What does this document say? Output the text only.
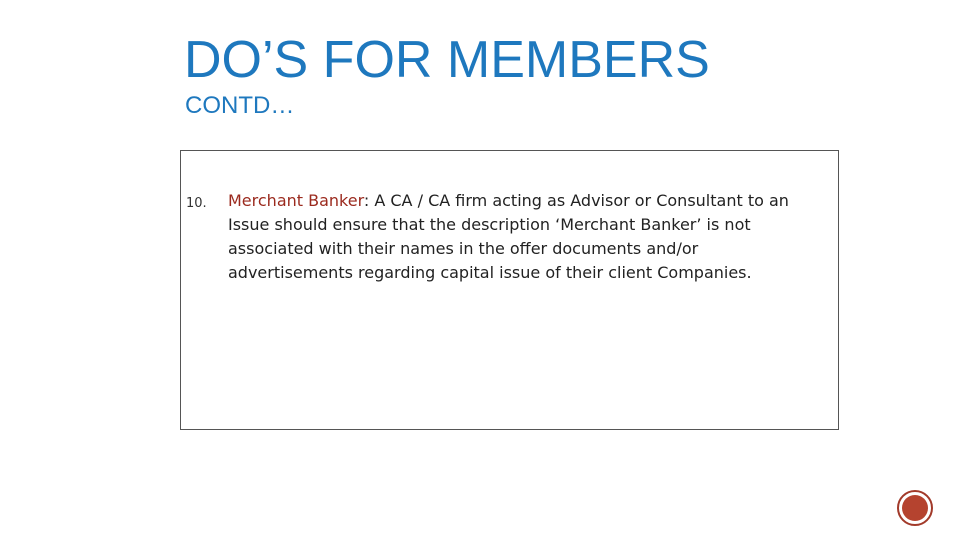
DO’S FOR MEMBERS
CONTD…
10. Merchant Banker: A CA / CA firm acting as Advisor or Consultant to an Issue should ensure that the description ‘Merchant Banker’ is not associated with their names in the offer documents and/or advertisements regarding capital issue of their client Companies.
